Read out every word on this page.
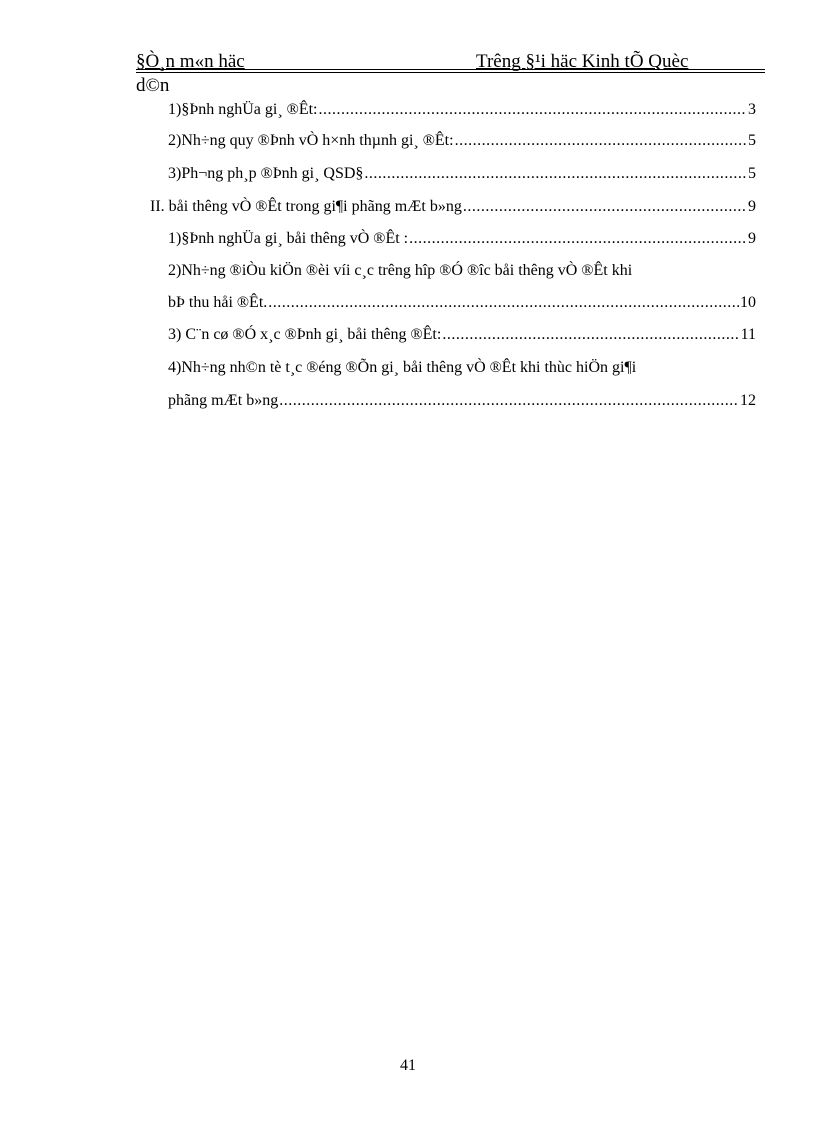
§Ò¸n m«n häc	Trêng §¹i häc Kinh tÕ Quèc
d©n
1)§Þnh nghÜa gi¸ ®Êt: .....	3
2)Nh÷ng quy ®Þnh vÒ h×nh thµnh gi¸ ®Êt: .....	5
3)Ph¬ng ph¸p ®Þnh gi¸ QSD§ .....	5
II. båi thêng vÒ ®Êt trong gi¶i phãng mÆt b»ng .....	9
1)§Þnh nghÜa gi¸ båi thêng vÒ ®Êt : .....	9
2)Nh÷ng ®iÒu kiÖn ®èi víi c¸c trêng hîp ®Ó ®îc båi thêng vÒ ®Êt khi
bÞ thu håi ®Êt. .....	10
3) C¨n cø ®Ó x¸c ®Þnh gi¸ båi thêng ®Êt: .....	11
4)Nh÷ng nh©n tè t¸c ®éng ®Õn gi¸ båi thêng vÒ ®Êt khi thùc hiÖn gi¶i
phãng mÆt b»ng .....	12
41
